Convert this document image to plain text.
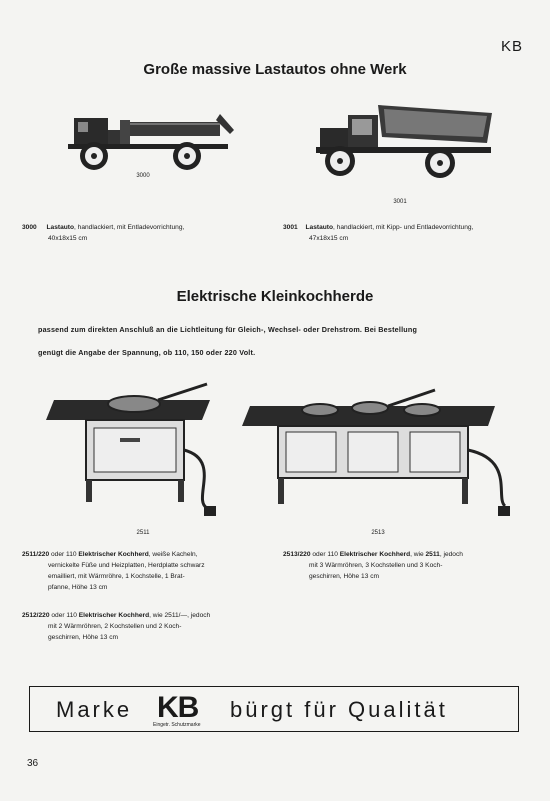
KB
Große massive Lastautos ohne Werk
3000
3001
3000 Lastauto, handlackiert, mit Entladevorrichtung,
40x18x15 cm
3001 Lastauto, handlackiert, mit Kipp- und Entladevorrichtung,
47x18x15 cm
Elektrische Kleinkochherde
passend zum direkten Anschluß an die Lichtleitung für Gleich-, Wechsel- oder Drehstrom. Bei Bestellung
genügt die Angabe der Spannung, ob 110, 150 oder 220 Volt.
2511	2513
2511/220 oder 110 Elektrischer Kochherd, weiße Kacheln,
vernickelte Füße und Heizplatten, Herdplatte schwarz
emailliert, mit Wärmröhre, 1 Kochstelle, 1 Brat-
pfanne, Höhe 13 cm
2512/220 oder 110 Elektrischer Kochherd, wie 2511/—, jedoch
mit 2 Wärmröhren, 2 Kochstellen und 2 Koch-
geschirren, Höhe 13 cm
2513/220 oder 110 Elektrischer Kochherd, wie 2511, jedoch
mit 3 Wärmröhren, 3 Kochstellen und 3 Koch-
geschirren, Höhe 13 cm
Marke KB
Eingetr. Schutzmarke
bürgt für Qualität
36
